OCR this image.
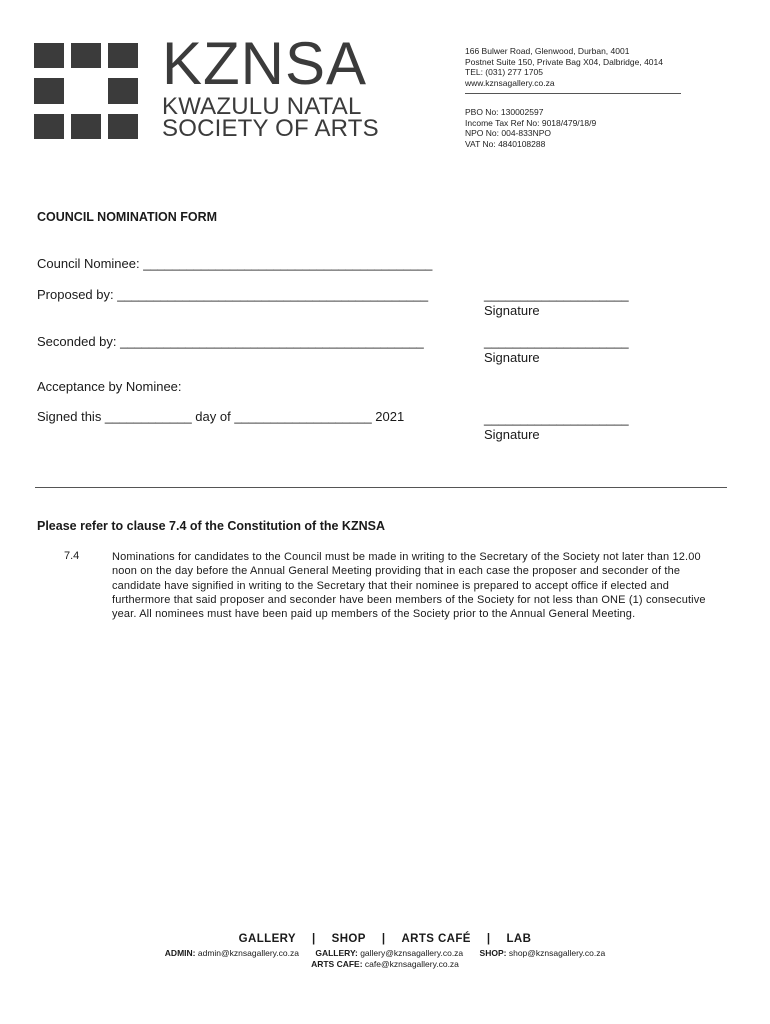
KZNSA
KWAZULU NATAL
SOCIETY OF ARTS
166 Bulwer Road, Glenwood, Durban, 4001
Postnet Suite 150, Private Bag X04, Dalbridge, 4014
TEL: (031) 277 1705
www.kznsagallery.co.za
PBO No: 130002597
Income Tax Ref No: 9018/479/18/9
NPO No: 004-833NPO
VAT No: 4840108288
COUNCIL NOMINATION FORM
Council Nominee: ________________________________________
Proposed by: ___________________________________________	____________________
Signature
Seconded by: __________________________________________	____________________
Signature
Acceptance by Nominee:
Signed this ____________ day of ___________________ 2021	____________________
Signature
Please refer to clause 7.4 of the Constitution of the KZNSA
7.4	Nominations for candidates to the Council must be made in writing to the Secretary of the Society not later than 12.00 noon on the day before the Annual General Meeting providing that in each case the proposer and seconder of the candidate have signified in writing to the Secretary that their nominee is prepared to accept office if elected and furthermore that said proposer and seconder have been members of the Society for not less than ONE (1) consecutive year. All nominees must have been paid up members of the Society prior to the Annual General Meeting.
GALLERY | SHOP | ARTS CAFÉ | LAB
ADMIN: admin@kznsagallery.co.za GALLERY: gallery@kznsagallery.co.za SHOP: shop@kznsagallery.co.za
ARTS CAFE: cafe@kznsagallery.co.za
